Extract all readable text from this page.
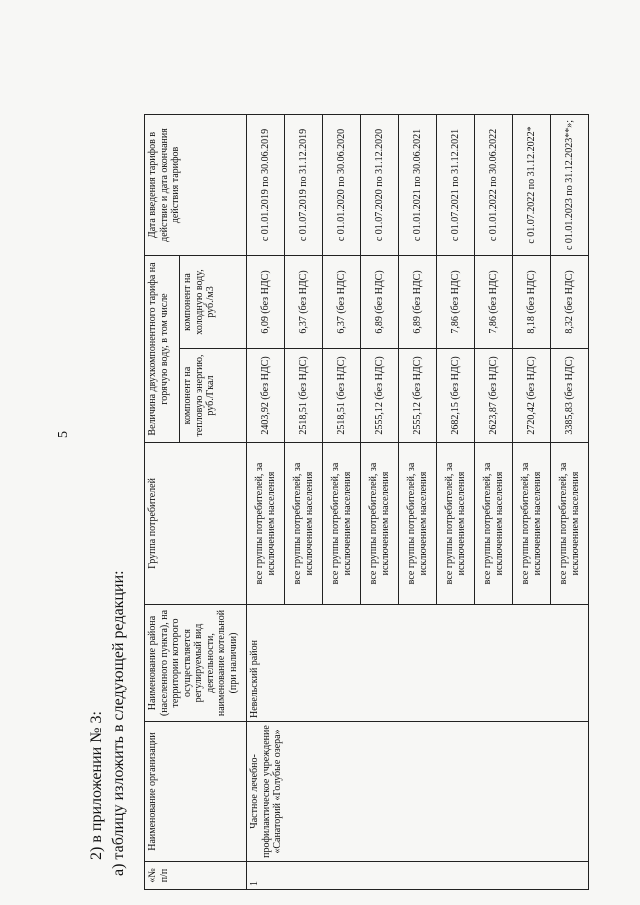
5
2) в приложении № 3: а) таблицу изложить в следующей редакции: «№ п/п	Наименование организации	Наименование района (населенного пункта), на территории которого осуществляется регулируемый вид деятельности, наименование котельной (при наличии)	Группа потребителей	Величина двухкомпонентного тарифа на горячую воду, в том числе		Дата введения тарифов в действие и дата окончания действия тарифов
				компонент на тепловую энергию, руб./Гкал	компонент на холодную воду, руб./м3	
1	Частное лечебно-профилактическое учреждение «Санаторий «Голубые озера»	Невельский район	все группы потребителей, за исключением населения	2403,92 (без НДС)	6,09 (без НДС)	с 01.01.2019 по 30.06.2019
			все группы потребителей, за исключением населения	2518,51 (без НДС)	6,37 (без НДС)	с 01.07.2019 по 31.12.2019
			все группы потребителей, за исключением населения	2518,51 (без НДС)	6,37 (без НДС)	с 01.01.2020 по 30.06.2020
			все группы потребителей, за исключением населения	2555,12 (без НДС)	6,89 (без НДС)	с 01.07.2020 по 31.12.2020
			все группы потребителей, за исключением населения	2555,12 (без НДС)	6,89 (без НДС)	с 01.01.2021 по 30.06.2021
			все группы потребителей, за исключением населения	2682,15 (без НДС)	7,86 (без НДС)	с 01.07.2021 по 31.12.2021
			все группы потребителей, за исключением населения	2623,87 (без НДС)	7,86 (без НДС)	с 01.01.2022 по 30.06.2022
			все группы потребителей, за исключением населения	2720,42 (без НДС)	8,18 (без НДС)	с 01.07.2022 по 31.12.2022*
			все группы потребителей, за исключением населения	3385,83 (без НДС)	8,32 (без НДС)	с 01.01.2023 по 31.12.2023**»;
